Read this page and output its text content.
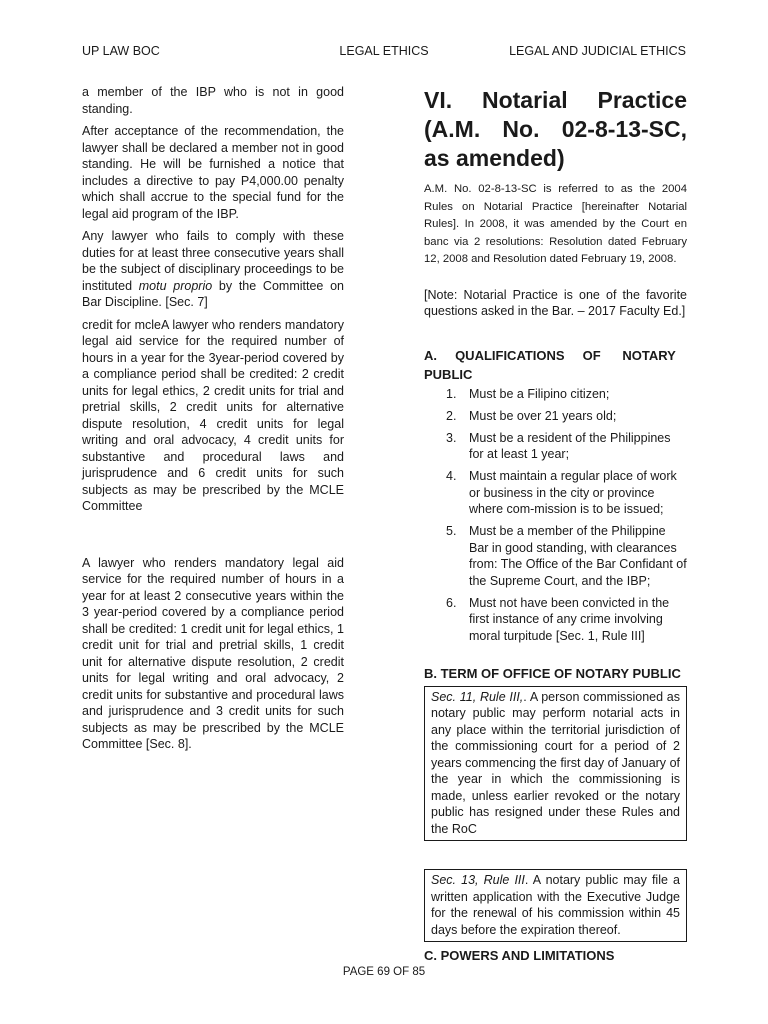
UP LAW BOC	LEGAL ETHICS	LEGAL AND JUDICIAL ETHICS

a member of the IBP who is not in good standing.

After acceptance of the recommendation, the lawyer shall be declared a member not in good standing. He will be furnished a notice that includes a directive to pay P4,000.00 penalty which shall accrue to the special fund for the legal aid program of the IBP.

Any lawyer who fails to comply with these duties for at least three consecutive years shall be the subject of disciplinary proceedings to be instituted motu proprio by the Committee on Bar Discipline. [Sec. 7]

credit for mcleA lawyer who renders mandatory legal aid service for the required number of hours in a year for the 3year-period covered by a compliance period shall be credited: 2 credit units for legal ethics, 2 credit units for trial and pretrial skills, 2 credit units for alternative dispute resolution, 4 credit units for legal writing and oral advocacy, 4 credit units for substantive and procedural laws and jurisprudence and 6 credit units for such subjects as may be prescribed by the MCLE Committee

A lawyer who renders mandatory legal aid service for the required number of hours in a year for at least 2 consecutive years within the 3 year-period covered by a compliance period shall be credited: 1 credit unit for legal ethics, 1 credit unit for trial and pretrial skills, 1 credit unit for alternative dispute resolution, 2 credit units for legal writing and oral advocacy, 2 credit units for substantive and procedural laws and jurisprudence and 3 credit units for such subjects as may be prescribed by the MCLE Committee [Sec. 8].

VI. Notarial Practice (A.M. No. 02-8-13-SC, as amended)

A.M. No. 02-8-13-SC is referred to as the 2004 Rules on Notarial Practice [hereinafter Notarial Rules]. In 2008, it was amended by the Court en banc via 2 resolutions: Resolution dated February 12, 2008 and Resolution dated February 19, 2008.

[Note: Notarial Practice is one of the favorite questions asked in the Bar. – 2017 Faculty Ed.]

A. QUALIFICATIONS OF NOTARY
PUBLIC
1. Must be a Filipino citizen;
2. Must be over 21 years old;
3. Must be a resident of the Philippines for at least 1 year;
4. Must maintain a regular place of work or business in the city or province where com-mission is to be issued;
5. Must be a member of the Philippine Bar in good standing, with clearances from: The Office of the Bar Confidant of the Supreme Court, and the IBP;
6. Must not have been convicted in the first instance of any crime involving moral turpitude [Sec. 1, Rule III]
B. TERM OF OFFICE OF NOTARY PUBLIC
Sec. 11, Rule III,. A person commissioned as notary public may perform notarial acts in any place within the territorial jurisdiction of the commissioning court for a period of 2 years commencing the first day of January of the year in which the commissioning is made, unless earlier revoked or the notary public has resigned under these Rules and the RoC
Sec. 13, Rule III. A notary public may file a written application with the Executive Judge for the renewal of his commission within 45 days before the expiration thereof.
C. POWERS AND LIMITATIONS
PAGE 69 OF 85
